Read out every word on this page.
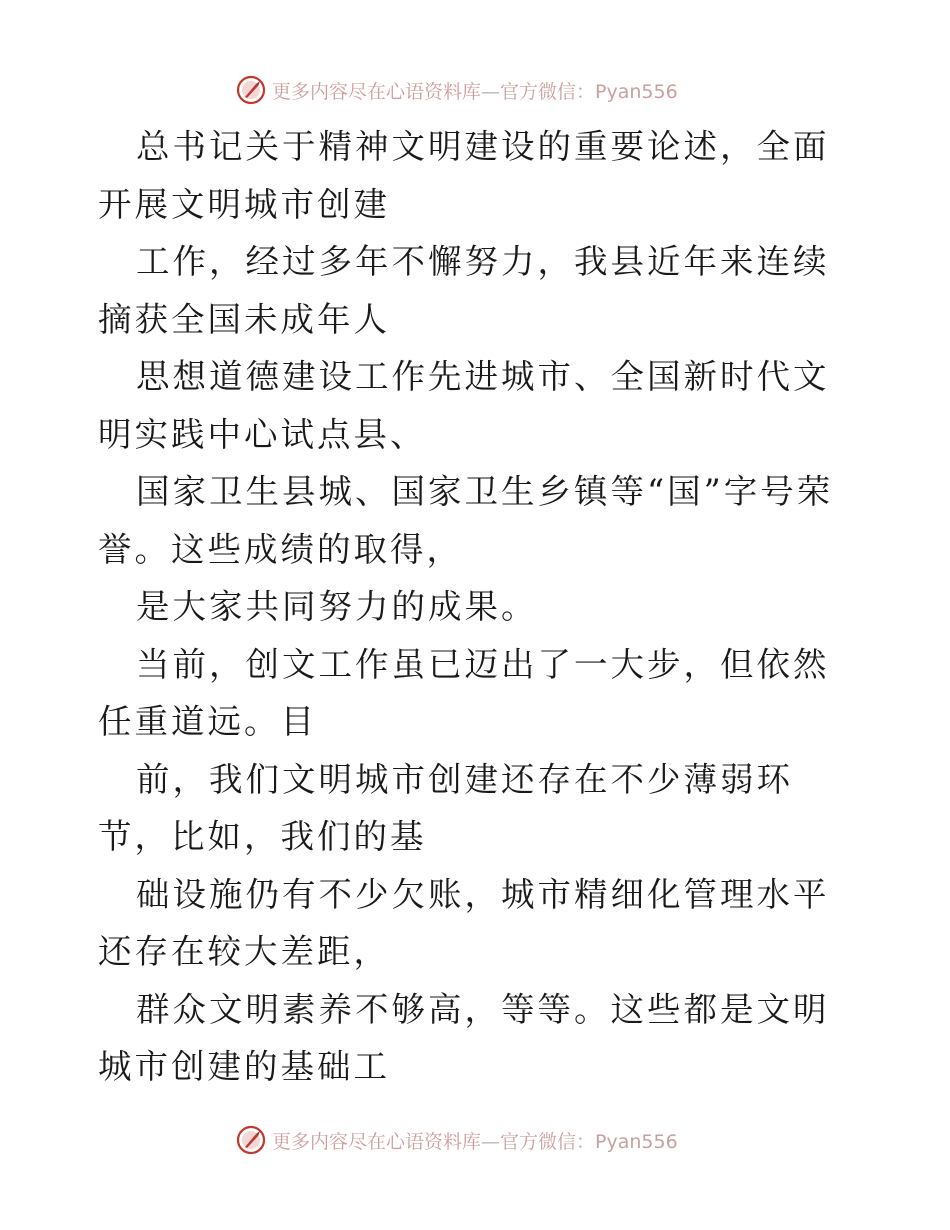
更多内容尽在心语资料库—官方微信：Pyan556

总书记关于精神文明建设的重要论述，全面开展文明城市创建

工作，经过多年不懈努力，我县近年来连续摘获全国未成年人

思想道德建设工作先进城市、全国新时代文明实践中心试点县、

国家卫生县城、国家卫生乡镇等“国”字号荣誉。这些成绩的取得，

是大家共同努力的成果。

当前，创文工作虽已迈出了一大步，但依然任重道远。目

前，我们文明城市创建还存在不少薄弱环节，比如，我们的基

础设施仍有不少欠账，城市精细化管理水平还存在较大差距，

群众文明素养不够高，等等。这些都是文明城市创建的基础工

更多内容尽在心语资料库—官方微信：Pyan556
